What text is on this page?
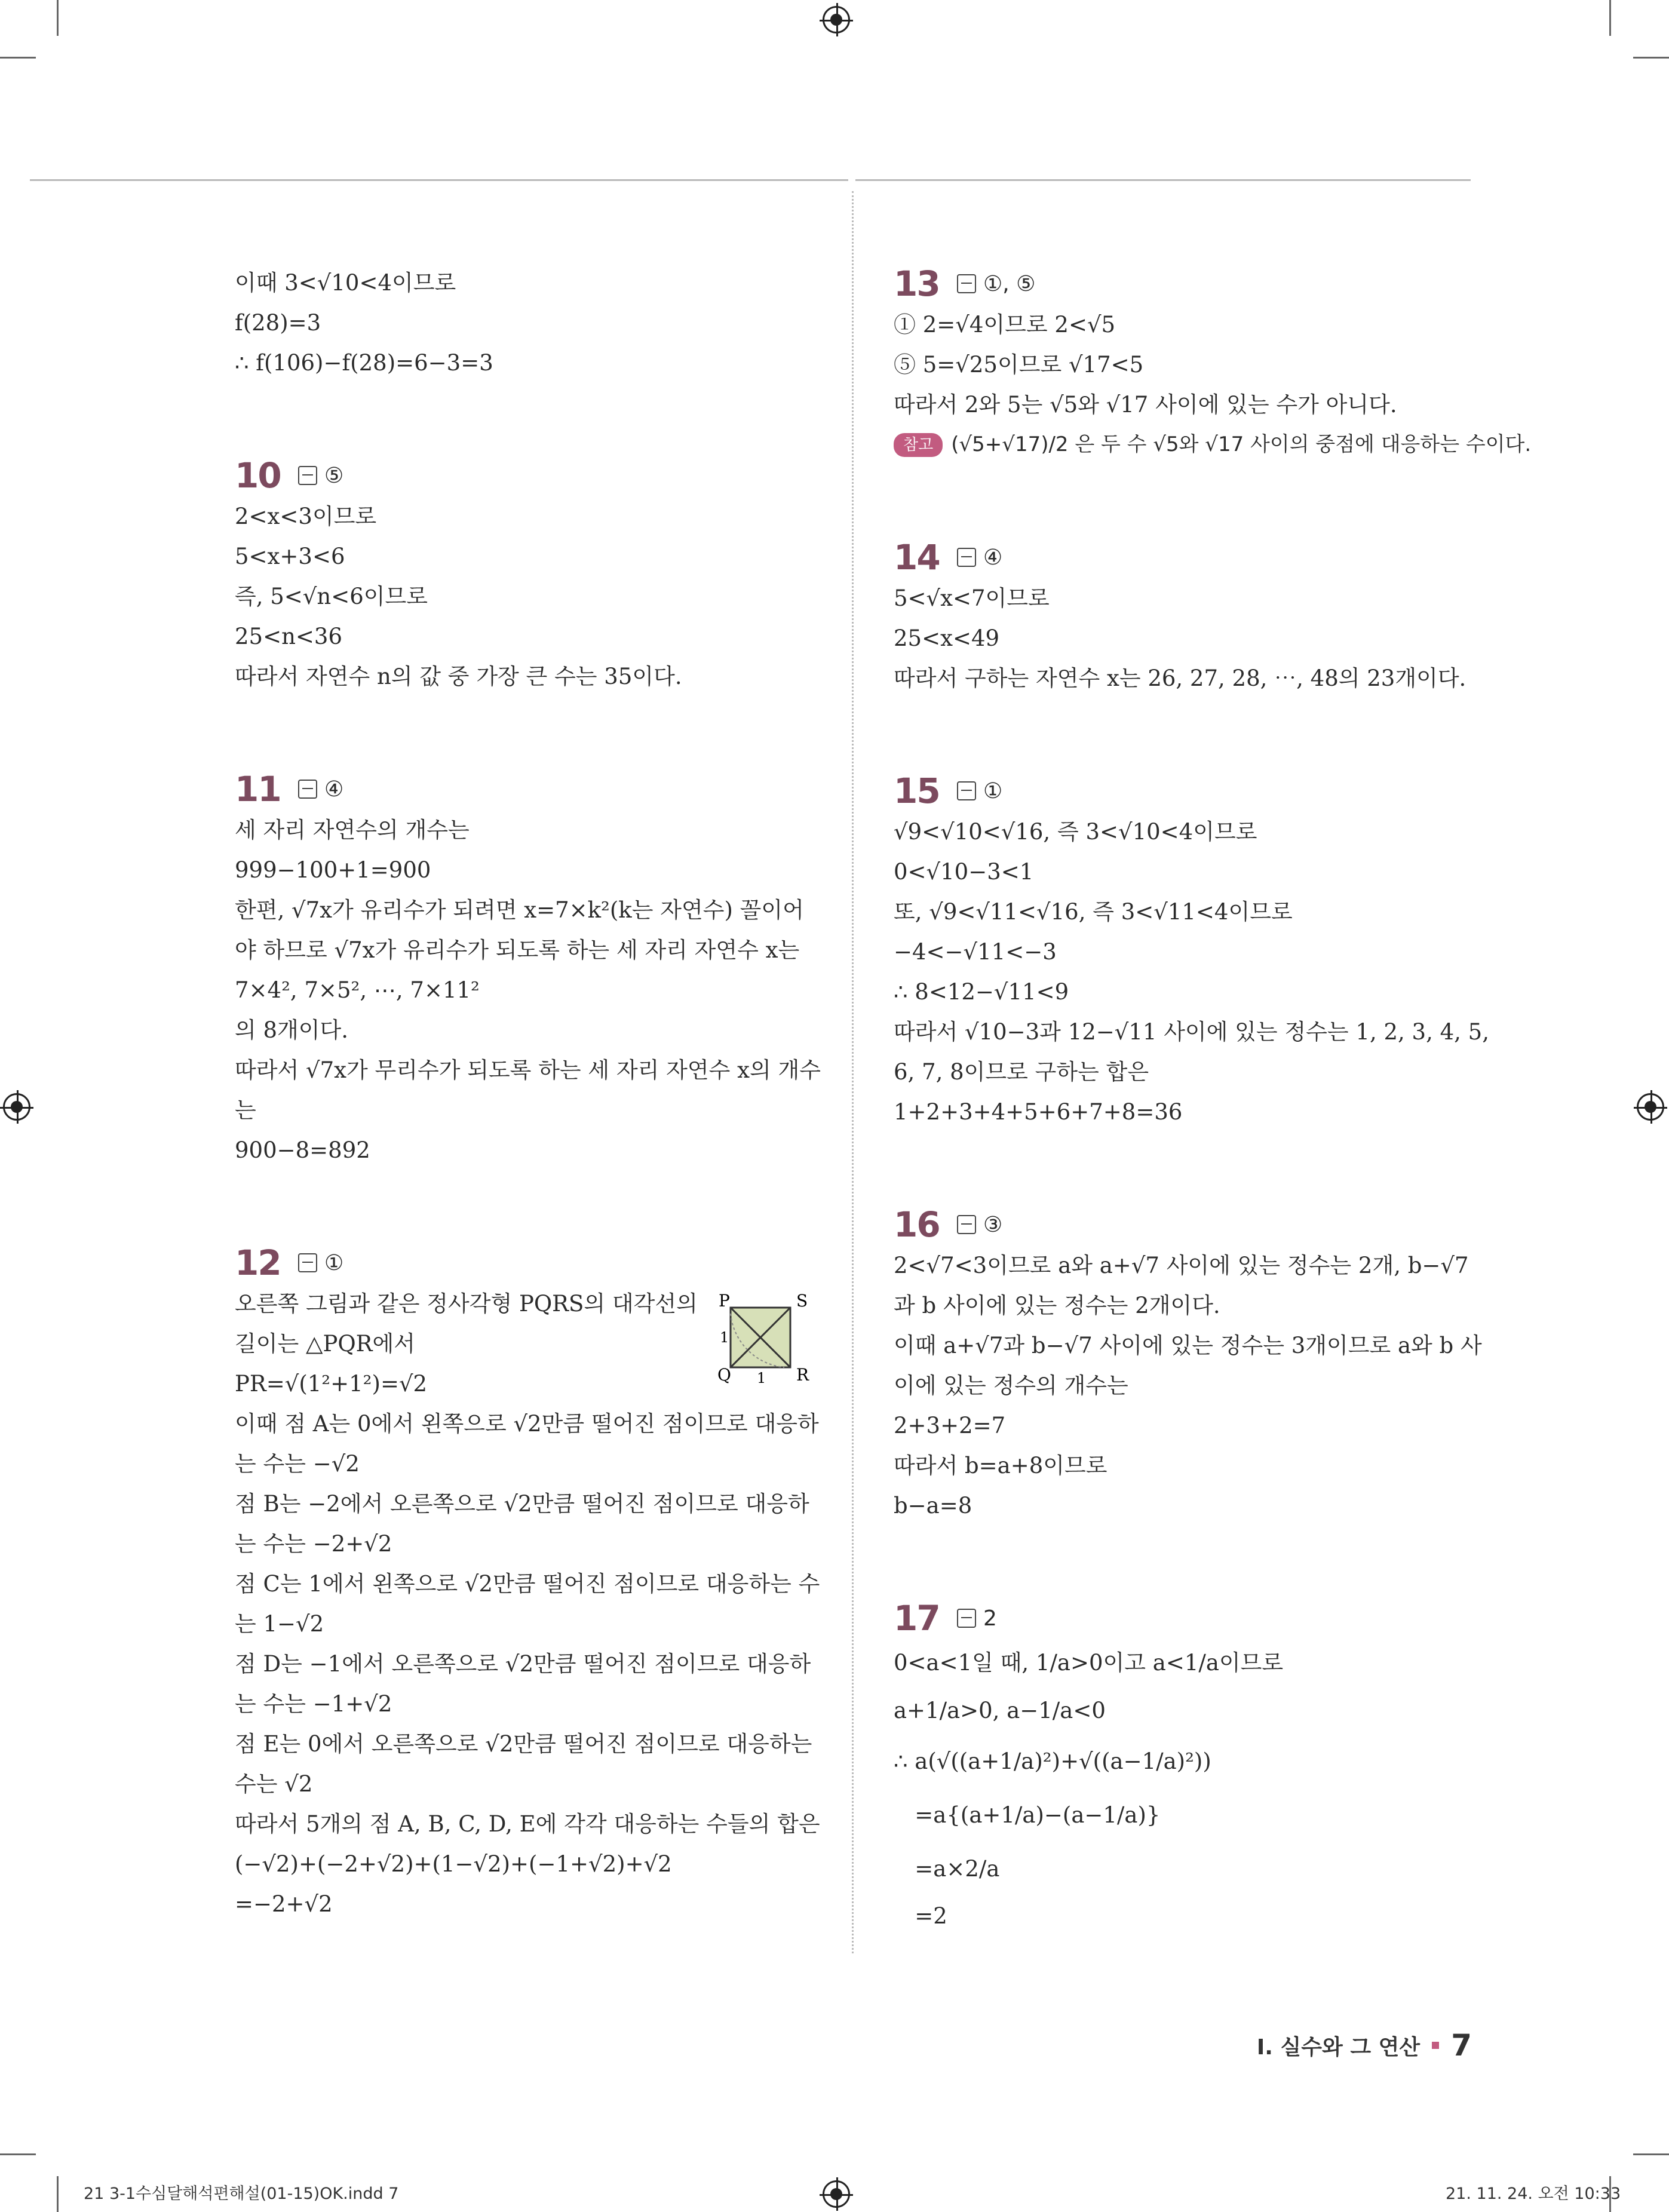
이때 3<√10<4이므로
f(28)=3
∴ f(106)−f(28)=6−3=3
10	⑤
2<x<3이므로
5<x+3<6
즉, 5<√n<6이므로
25<n<36
따라서 자연수 n의 값 중 가장 큰 수는 35이다.
11	④
세 자리 자연수의 개수는
999−100+1=900
한편, √7x가 유리수가 되려면 x=7×k²(k는 자연수) 꼴이어
야 하므로 √7x가 유리수가 되도록 하는 세 자리 자연수 x는
7×4², 7×5², ⋯, 7×11²
의 8개이다.
따라서 √7x가 무리수가 되도록 하는 세 자리 자연수 x의 개수
는
900−8=892
12	①
오른쪽 그림과 같은 정사각형 PQRS의 대각선의
길이는 △PQR에서
PR=√(1²+1²)=√2
P	S
Q	R
1
1
이때 점 A는 0에서 왼쪽으로 √2만큼 떨어진 점이므로 대응하
는 수는 −√2
점 B는 −2에서 오른쪽으로 √2만큼 떨어진 점이므로 대응하
는 수는 −2+√2
점 C는 1에서 왼쪽으로 √2만큼 떨어진 점이므로 대응하는 수
는 1−√2
점 D는 −1에서 오른쪽으로 √2만큼 떨어진 점이므로 대응하
는 수는 −1+√2
점 E는 0에서 오른쪽으로 √2만큼 떨어진 점이므로 대응하는
수는 √2
따라서 5개의 점 A, B, C, D, E에 각각 대응하는 수들의 합은
(−√2)+(−2+√2)+(1−√2)+(−1+√2)+√2
=−2+√2
13	①, ⑤
① 2=√4이므로 2<√5
⑤ 5=√25이므로 √17<5
따라서 2와 5는 √5와 √17 사이에 있는 수가 아니다.
참고 (√5+√17)/2 은 두 수 √5와 √17 사이의 중점에 대응하는 수이다.
14	④
5<√x<7이므로
25<x<49
따라서 구하는 자연수 x는 26, 27, 28, ⋯, 48의 23개이다.
15	①
√9<√10<√16, 즉 3<√10<4이므로
0<√10−3<1
또, √9<√11<√16, 즉 3<√11<4이므로
−4<−√11<−3
∴ 8<12−√11<9
따라서 √10−3과 12−√11 사이에 있는 정수는 1, 2, 3, 4, 5,
6, 7, 8이므로 구하는 합은
1+2+3+4+5+6+7+8=36
16	③
2<√7<3이므로 a와 a+√7 사이에 있는 정수는 2개, b−√7
과 b 사이에 있는 정수는 2개이다.
이때 a+√7과 b−√7 사이에 있는 정수는 3개이므로 a와 b 사
이에 있는 정수의 개수는
2+3+2=7
따라서 b=a+8이므로
b−a=8
17	2
0<a<1일 때, 1/a>0이고 a<1/a이므로
a+1/a>0, a−1/a<0
∴ a(√((a+1/a)²)+√((a−1/a)²))
=a{(a+1/a)−(a−1/a)}
=a×2/a
=2
Ⅰ. 실수와 그 연산 7
21 3-1수심달해석편해설(01-15)OK.indd 7	21. 11. 24. 오전 10:33
